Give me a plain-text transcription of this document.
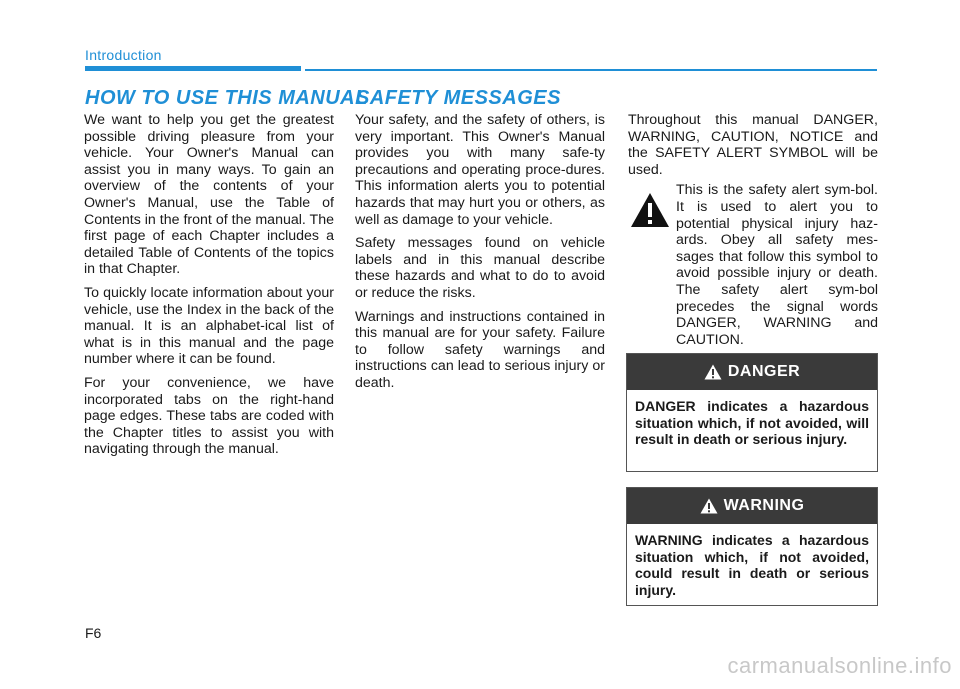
Introduction
HOW TO USE THIS MANUAL
SAFETY MESSAGES

We want to help you get the greatest possible driving pleasure from your vehicle. Your Owner's Manual can assist you in many ways. To gain an overview of the contents of your Owner's Manual, use the Table of Contents in the front of the manual. The first page of each Chapter includes a detailed Table of Contents of the topics in that Chapter.

To quickly locate information about your vehicle, use the Index in the back of the manual. It is an alphabet-ical list of what is in this manual and the page number where it can be found.

For your convenience, we have incorporated tabs on the right-hand page edges. These tabs are coded with the Chapter titles to assist you with navigating through the manual.

Your safety, and the safety of others, is very important. This Owner's Manual provides you with many safe-ty precautions and operating proce-dures. This information alerts you to potential hazards that may hurt you or others, as well as damage to your vehicle.

Safety messages found on vehicle labels and in this manual describe these hazards and what to do to avoid or reduce the risks.

Warnings and instructions contained in this manual are for your safety. Failure to follow safety warnings and instructions can lead to serious injury or death.

Throughout this manual DANGER, WARNING, CAUTION, NOTICE and the SAFETY ALERT SYMBOL will be used.

This is the safety alert sym-bol. It is used to alert you to potential physical injury haz-ards. Obey all safety mes-sages that follow this symbol to avoid possible injury or death. The safety alert sym-bol precedes the signal words DANGER, WARNING and CAUTION.
DANGER
DANGER indicates a hazardous situation which, if not avoided, will result in death or serious injury.
WARNING
WARNING indicates a hazardous situation which, if not avoided, could result in death or serious injury.
F6
carmanualsonline.info
